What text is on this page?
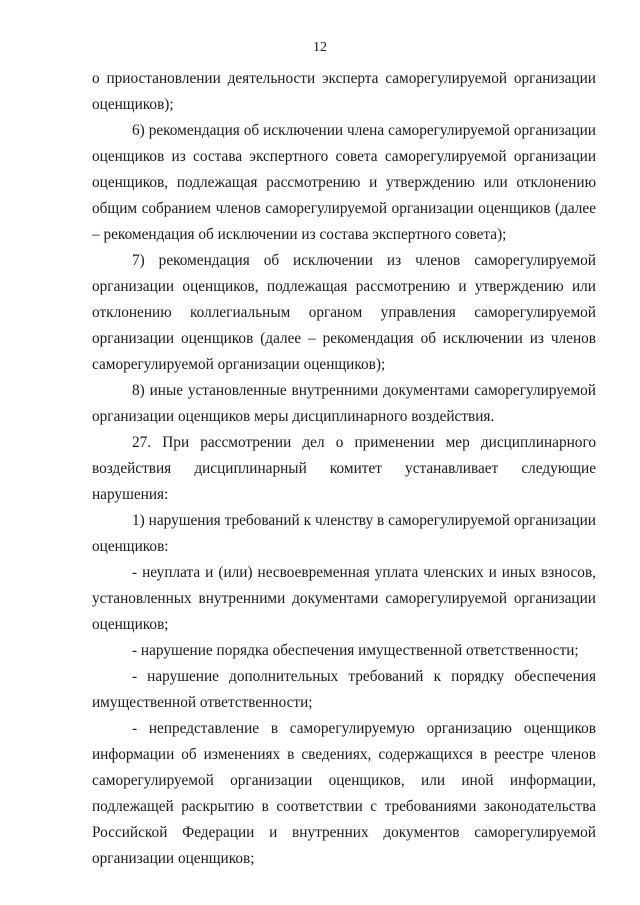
12

о приостановлении деятельности эксперта саморегулируемой организации оценщиков);

6) рекомендация об исключении члена саморегулируемой организации оценщиков из состава экспертного совета саморегулируемой организации оценщиков, подлежащая рассмотрению и утверждению или отклонению общим собранием членов саморегулируемой организации оценщиков (далее – рекомендация об исключении из состава экспертного совета);

7) рекомендация об исключении из членов саморегулируемой организации оценщиков, подлежащая рассмотрению и утверждению или отклонению коллегиальным органом управления саморегулируемой организации оценщиков (далее – рекомендация об исключении из членов саморегулируемой организации оценщиков);

8) иные установленные внутренними документами саморегулируемой организации оценщиков меры дисциплинарного воздействия.

27. При рассмотрении дел о применении мер дисциплинарного воздействия дисциплинарный комитет устанавливает следующие нарушения:

1) нарушения требований к членству в саморегулируемой организации оценщиков:

- неуплата и (или) несвоевременная уплата членских и иных взносов, установленных внутренними документами саморегулируемой организации оценщиков;

- нарушение порядка обеспечения имущественной ответственности;

- нарушение дополнительных требований к порядку обеспечения имущественной ответственности;

- непредставление в саморегулируемую организацию оценщиков информации об изменениях в сведениях, содержащихся в реестре членов саморегулируемой организации оценщиков, или иной информации, подлежащей раскрытию в соответствии с требованиями законодательства Российской Федерации и внутренних документов саморегулируемой организации оценщиков;
